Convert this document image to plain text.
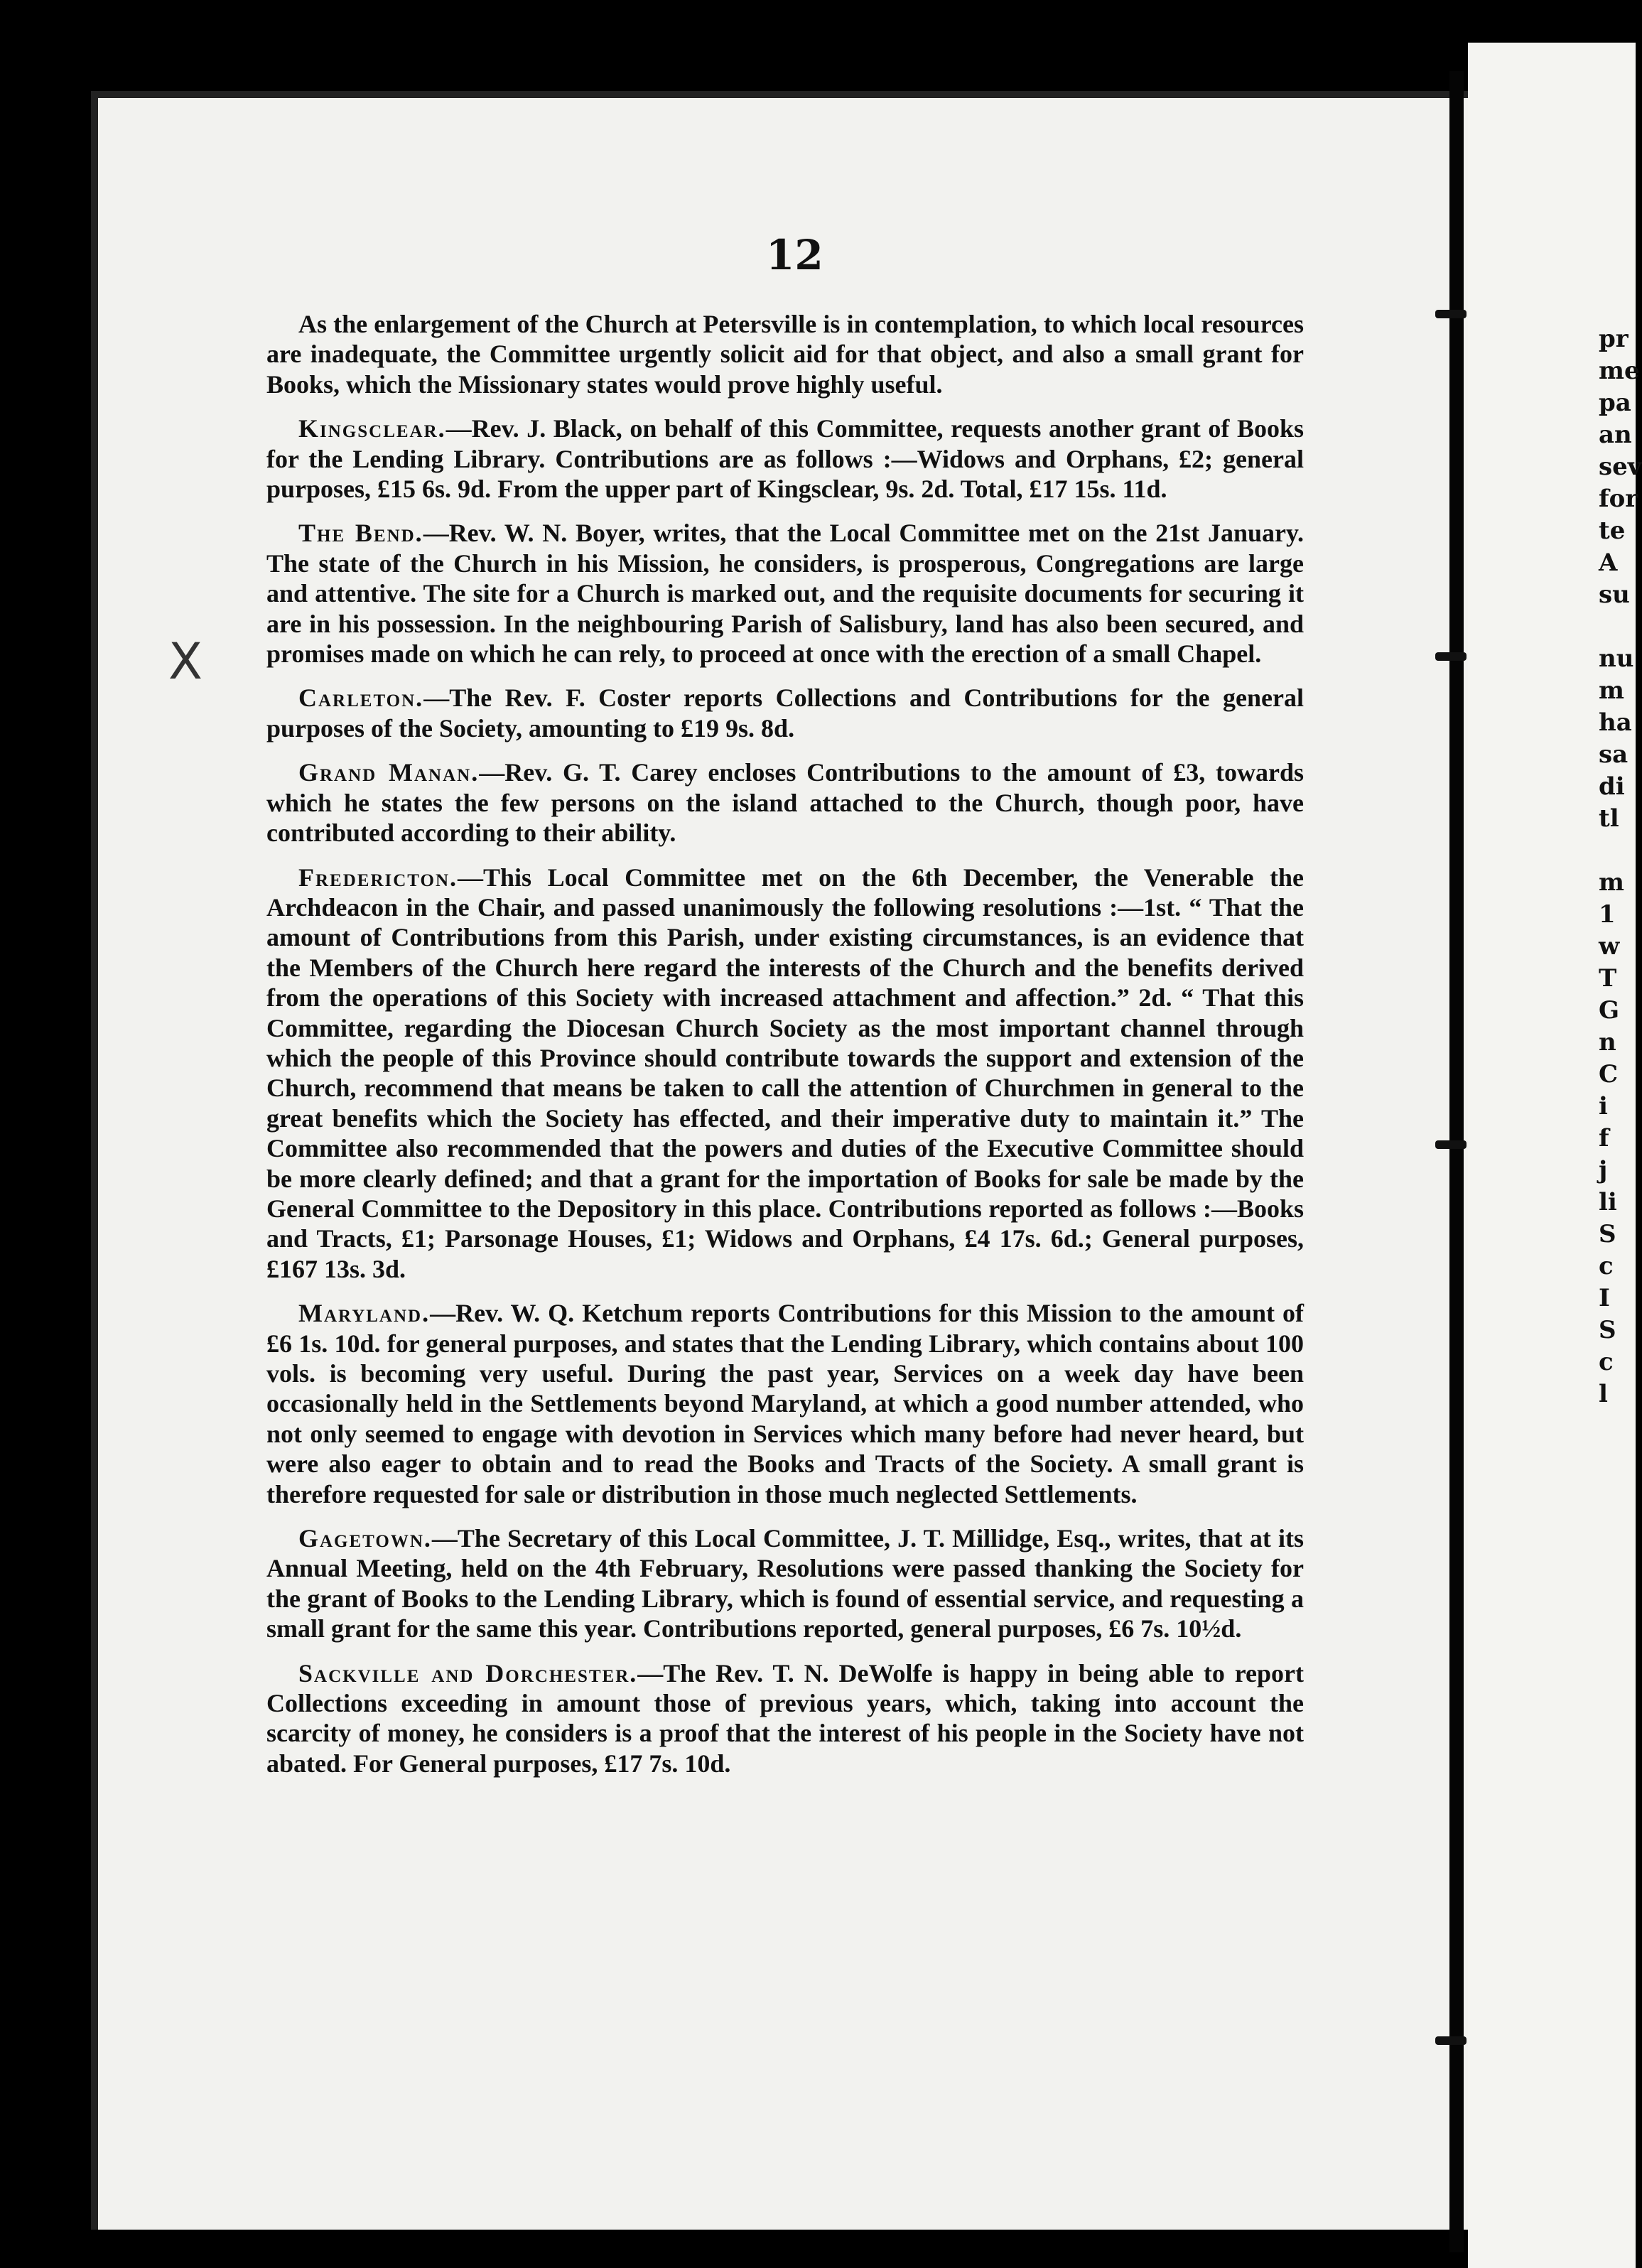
pr
me
pa
an
sev
for
te
A
su

nu
m
ha
sa
di
tl

m
1
w
T
G
n
C
i
f
j
li
S
c
I
S
c
l
12
X

As the enlargement of the Church at Petersville is in contemplation, to which local resources are inadequate, the Committee urgently solicit aid for that object, and also a small grant for Books, which the Missionary states would prove highly useful.

Kingsclear.—Rev. J. Black, on behalf of this Committee, requests another grant of Books for the Lending Library. Contributions are as follows :—Widows and Orphans, £2; general purposes, £15 6s. 9d. From the upper part of Kingsclear, 9s. 2d. Total, £17 15s. 11d.

The Bend.—Rev. W. N. Boyer, writes, that the Local Committee met on the 21st January. The state of the Church in his Mission, he considers, is prosperous, Congregations are large and attentive. The site for a Church is marked out, and the requisite documents for securing it are in his possession. In the neighbouring Parish of Salisbury, land has also been secured, and promises made on which he can rely, to proceed at once with the erection of a small Chapel.

Carleton.—The Rev. F. Coster reports Collections and Contributions for the general purposes of the Society, amounting to £19 9s. 8d.

Grand Manan.—Rev. G. T. Carey encloses Contributions to the amount of £3, towards which he states the few persons on the island attached to the Church, though poor, have contributed according to their ability.

Fredericton.—This Local Committee met on the 6th December, the Venerable the Archdeacon in the Chair, and passed unanimously the following resolutions :—1st. “ That the amount of Contributions from this Parish, under existing circumstances, is an evidence that the Members of the Church here regard the interests of the Church and the benefits derived from the operations of this Society with increased attachment and affection.” 2d. “ That this Committee, regarding the Diocesan Church Society as the most important channel through which the people of this Province should contribute towards the support and extension of the Church, recommend that means be taken to call the attention of Churchmen in general to the great benefits which the Society has effected, and their imperative duty to maintain it.” The Committee also recommended that the powers and duties of the Executive Committee should be more clearly defined; and that a grant for the importation of Books for sale be made by the General Committee to the Depository in this place. Contributions reported as follows :—Books and Tracts, £1; Parsonage Houses, £1; Widows and Orphans, £4 17s. 6d.; General purposes, £167 13s. 3d.

Maryland.—Rev. W. Q. Ketchum reports Contributions for this Mission to the amount of £6 1s. 10d. for general purposes, and states that the Lending Library, which contains about 100 vols. is becoming very useful. During the past year, Services on a week day have been occasionally held in the Settlements beyond Maryland, at which a good number attended, who not only seemed to engage with devotion in Services which many before had never heard, but were also eager to obtain and to read the Books and Tracts of the Society. A small grant is therefore requested for sale or distribution in those much neglected Settlements.

Gagetown.—The Secretary of this Local Committee, J. T. Millidge, Esq., writes, that at its Annual Meeting, held on the 4th February, Resolutions were passed thanking the Society for the grant of Books to the Lending Library, which is found of essential service, and requesting a small grant for the same this year. Contributions reported, general purposes, £6 7s. 10½d.

Sackville and Dorchester.—The Rev. T. N. DeWolfe is happy in being able to report Collections exceeding in amount those of previous years, which, taking into account the scarcity of money, he considers is a proof that the interest of his people in the Society have not abated. For General purposes, £17 7s. 10d.
